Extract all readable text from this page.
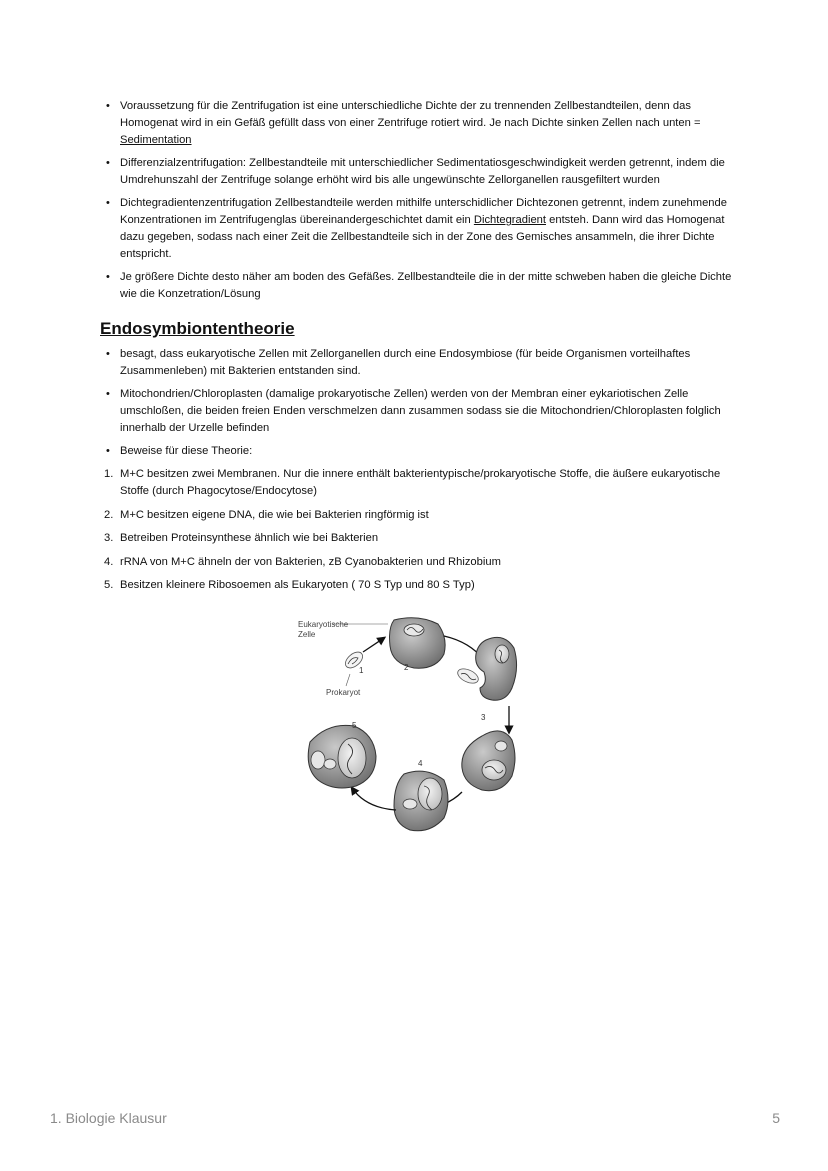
• Voraussetzung für die Zentrifugation ist eine unterschiedliche Dichte der zu trennenden Zellbestandteilen, denn das Homogenat wird in ein Gefäß gefüllt dass von einer Zentrifuge rotiert wird. Je nach Dichte sinken Zellen nach unten = Sedimentation
• Differenzialzentrifugation: Zellbestandteile mit unterschiedlicher Sedimentatiosgeschwindigkeit werden getrennt, indem die Umdrehunszahl der Zentrifuge solange erhöht wird bis alle ungewünschte Zellorganellen rausgefiltert wurden
• Dichtegradientenzentrifugation Zellbestandteile werden mithilfe unterschidlicher Dichtezonen getrennt, indem zunehmende Konzentrationen im Zentrifugenglas übereinandergeschichtet damit ein Dichtegradient entsteh. Dann wird das Homogenat dazu gegeben, sodass nach einer Zeit die Zellbestandteile sich in der Zone des Gemisches ansammeln, die ihrer Dichte entspricht.
• Je größere Dichte desto näher am boden des Gefäßes. Zellbestandteile die in der mitte schweben haben die gleiche Dichte wie die Konzetration/Lösung
Endosymbiontentheorie
• besagt, dass eukaryotische Zellen mit Zellorganellen durch eine Endosymbiose (für beide Organismen vorteilhaftes Zusammenleben) mit Bakterien entstanden sind.
• Mitochondrien/Chloroplasten (damalige prokaryotische Zellen) werden von der Membran einer eykariotischen Zelle umschloßen, die beiden freien Enden verschmelzen dann zusammen sodass sie die Mitochondrien/Chloroplasten folglich innerhalb der Urzelle befinden
• Beweise für diese Theorie:
1. M+C besitzen zwei Membranen. Nur die innere enthält bakterientypische/prokaryotische Stoffe, die äußere eukaryotische Stoffe (durch Phagocytose/Endocytose)
2. M+C besitzen eigene DNA, die wie bei Bakterien ringförmig ist
3. Betreiben Proteinsynthese ähnlich wie bei Bakterien
4. rRNA von M+C ähneln der von Bakterien, zB Cyanobakterien und Rhizobium
5. Besitzen kleinere Ribosoemen als Eukaryoten ( 70 S Typ und 80 S Typ)
Eukaryotische
Zelle
Prokaryot
1	2
3
4
5
1. Biologie Klausur	5
